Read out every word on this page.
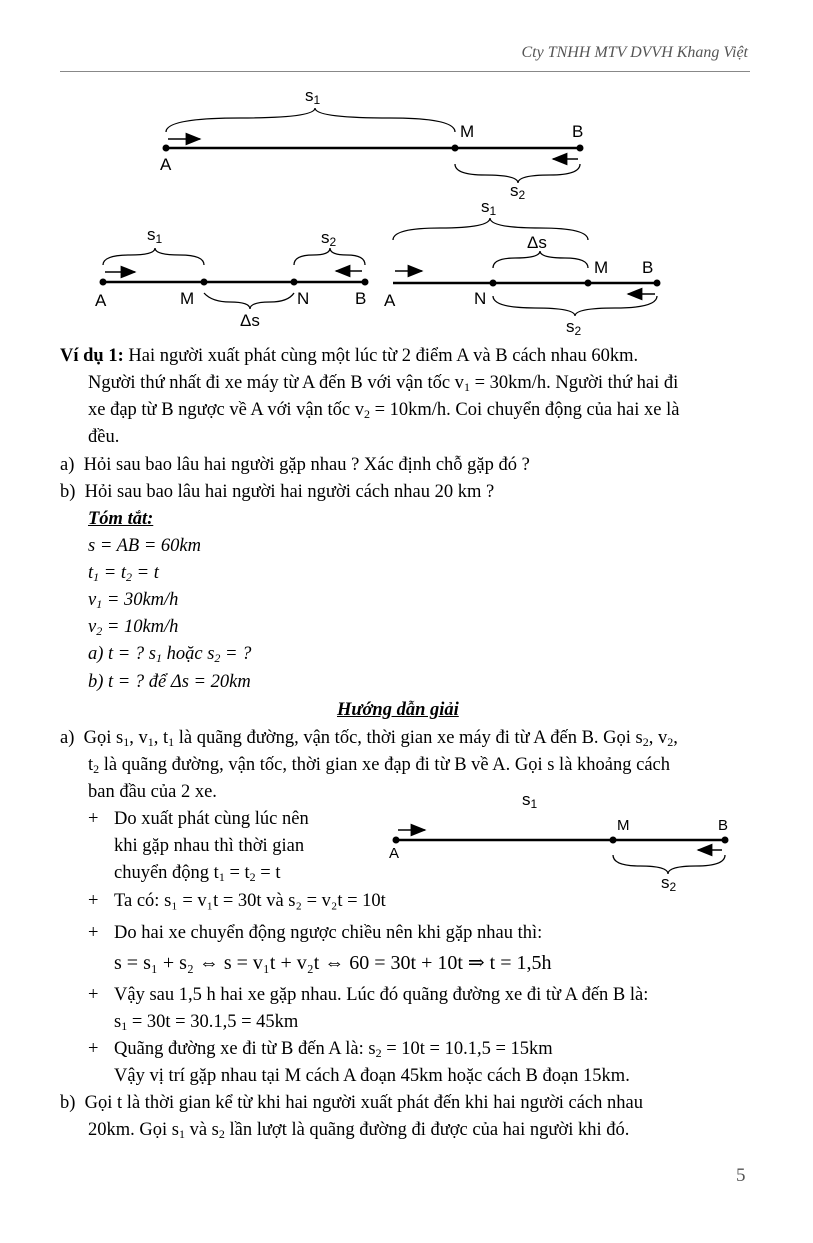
Cty TNHH MTV DVVH Khang Việt
$s_1$
A
M	B
$s_2$
$s_1$	$s_2$
A	M	N	B
Δs
$s_1$
Δs
A	N
M B
$s_2$
Ví dụ 1: Hai người xuất phát cùng một lúc từ 2 điểm A và B cách nhau 60km.
Người thứ nhất đi xe máy từ A đến B với vận tốc $v_1 = 30km/h$. Người thứ hai đi
xe đạp từ B ngược về A với vận tốc $v_2 = 10km/h$. Coi chuyển động của hai xe là
đều.
a) Hỏi sau bao lâu hai người gặp nhau ? Xác định chỗ gặp đó ?
b) Hỏi sau bao lâu hai người hai người cách nhau 20 km ?
Tóm tắt:
s = AB = 60km
$t_1 = t_2 = t$
$v_1 = 30km/h$
$v_2 = 10km/h$
a) t = ? $s_1$ hoặc $s_2$ = ?
b) t = ? để Δs = 20km
Hướng dẫn giải
a) Gọi $s_1$, $v_1$, $t_1$ là quãng đường, vận tốc, thời gian xe máy đi từ A đến B. Gọi $s_2$, $v_2$,
$t_2$ là quãng đường, vận tốc, thời gian xe đạp đi từ B về A. Gọi s là khoảng cách
ban đầu của 2 xe.
+ Do xuất phát cùng lúc nên
khi gặp nhau thì thời gian
chuyển động $t_1 = t_2 = t$
$s_1$
A
M	B
$s_2$
+ Ta có: s₁ = v₁t = 30t và s₂ = v₂t = 10t
+ Do hai xe chuyển động ngược chiều nên khi gặp nhau thì:
s = s₁ + s₂ ⇔ s = v₁t + v₂t ⇔ 60 = 30t + 10t ⇒ t = 1,5h
+ Vậy sau 1,5 h hai xe gặp nhau. Lúc đó quãng đường xe đi từ A đến B là:
$s_1 = 30t = 30.1,5 = 45km$
+ Quãng đường xe đi từ B đến A là: $s_2 = 10t = 10.1,5 = 15km$
Vậy vị trí gặp nhau tại M cách A đoạn 45km hoặc cách B đoạn 15km.
b) Gọi t là thời gian kể từ khi hai người xuất phát đến khi hai người cách nhau
20km. Gọi $s_1$ và $s_2$ lần lượt là quãng đường đi được của hai người khi đó.
5
